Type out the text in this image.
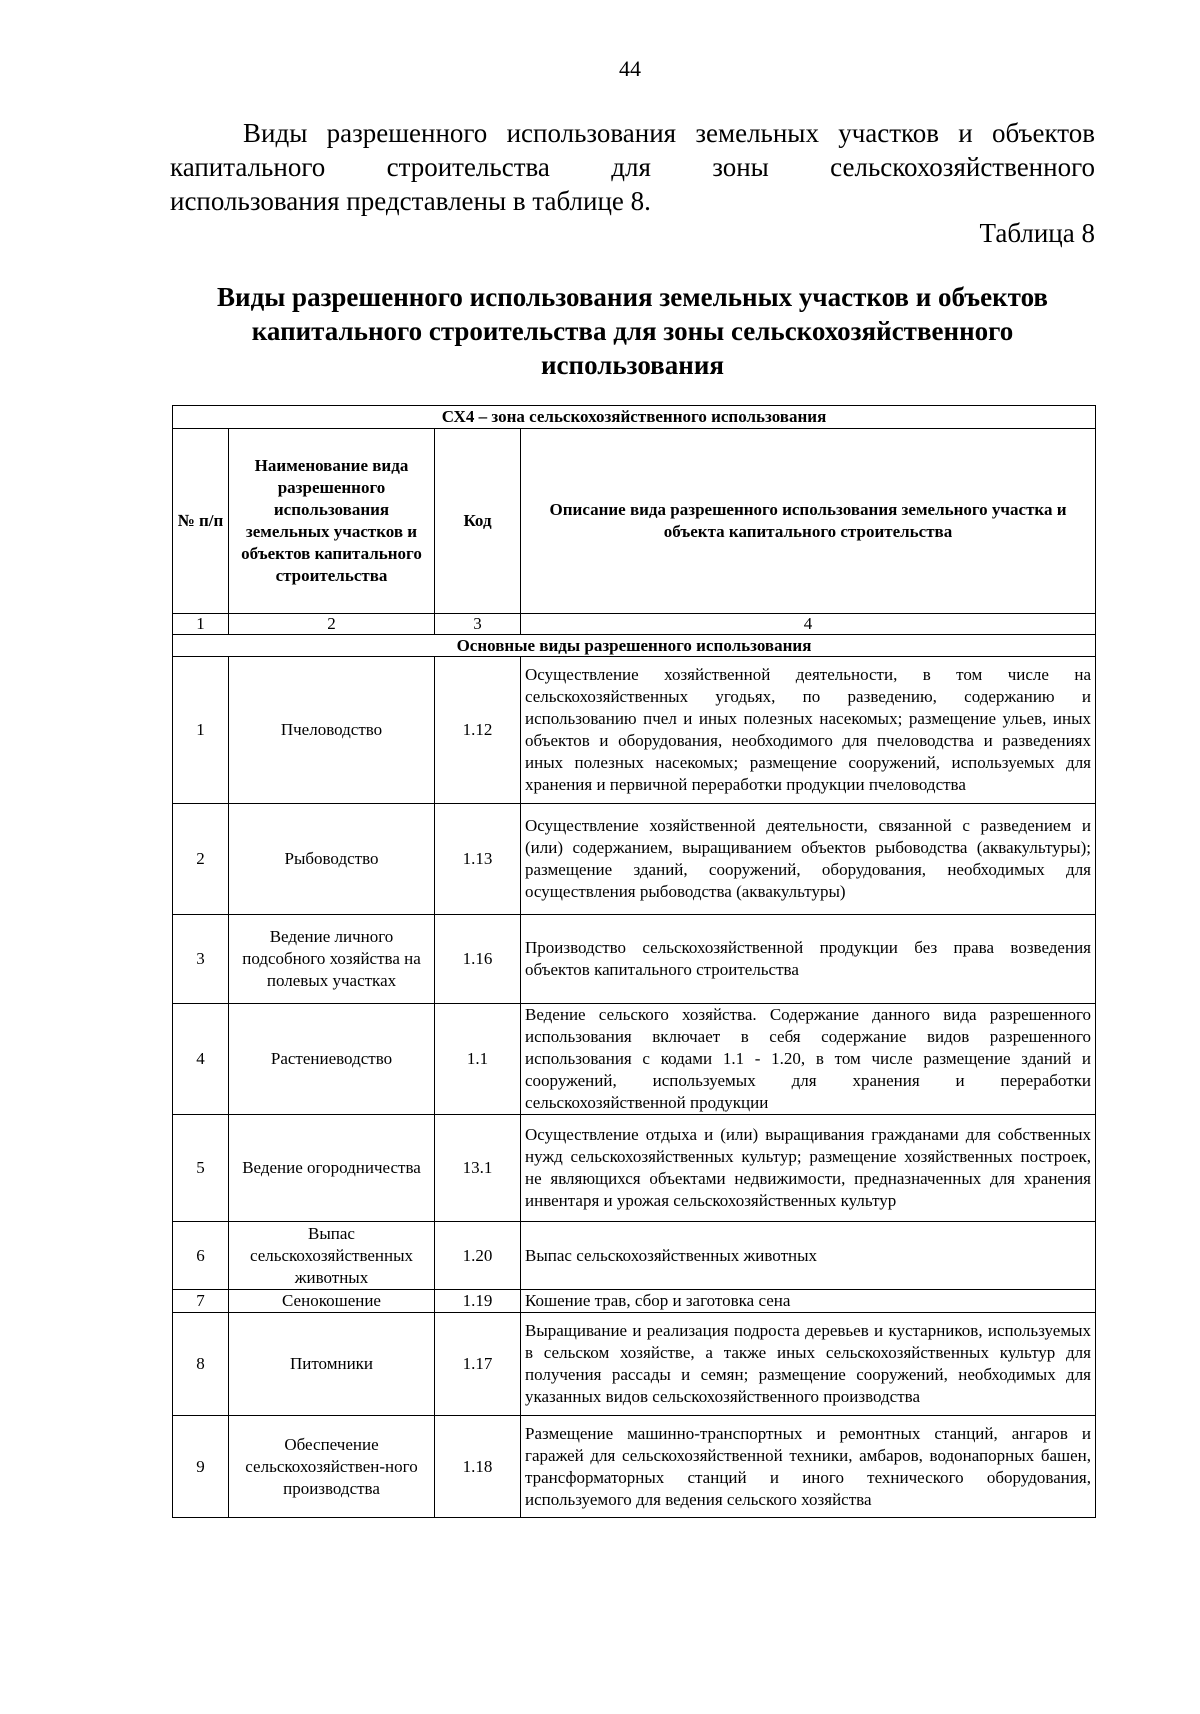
44
Виды разрешенного использования земельных участков и объектов
капитального строительства для зоны сельскохозяйственного
использования представлены в таблице 8.
Таблица 8
Виды разрешенного использования земельных участков и объектов
капитального строительства для зоны сельскохозяйственного
использования
СХ4 – зона сельскохозяйственного использования			
№ п/п	Наименование вида разрешенного использования земельных участков и объектов капитального строительства	Код	Описание вида разрешенного использования земельного участка и объекта капитального строительства
1	2	3	4
Основные виды разрешенного использования			
1	Пчеловодство	1.12	Осуществление хозяйственной деятельности, в том числе на сельскохозяйственных угодьях, по разведению, содержанию и использованию пчел и иных полезных насекомых; размещение ульев, иных объектов и оборудования, необходимого для пчеловодства и разведениях иных полезных насекомых; размещение сооружений, используемых для хранения и первичной переработки продукции пчеловодства
2	Рыбоводство	1.13	Осуществление хозяйственной деятельности, связанной с разведением и (или) содержанием, выращиванием объектов рыбоводства (аквакультуры); размещение зданий, сооружений, оборудования, необходимых для осуществления рыбоводства (аквакультуры)
3	Ведение личного подсобного хозяйства на полевых участках	1.16	Производство сельскохозяйственной продукции без права возведения объектов капитального строительства
4	Растениеводство	1.1	Ведение сельского хозяйства. Содержание данного вида разрешенного использования включает в себя содержание видов разрешенного использования с кодами 1.1 - 1.20, в том числе размещение зданий и сооружений, используемых для хранения и переработки сельскохозяйственной продукции
5	Ведение огородничества	13.1	Осуществление отдыха и (или) выращивания гражданами для собственных нужд сельскохозяйственных культур; размещение хозяйственных построек, не являющихся объектами недвижимости, предназначенных для хранения инвентаря и урожая сельскохозяйственных культур
6	Выпас сельскохозяйственных животных	1.20	Выпас сельскохозяйственных животных
7	Сенокошение	1.19	Кошение трав, сбор и заготовка сена
8	Питомники	1.17	Выращивание и реализация подроста деревьев и кустарников, используемых в сельском хозяйстве, а также иных сельскохозяйственных культур для получения рассады и семян; размещение сооружений, необходимых для указанных видов сельскохозяйственного производства
9	Обеспечение сельскохозяйствен-ного производства	1.18	Размещение машинно-транспортных и ремонтных станций, ангаров и гаражей для сельскохозяйственной техники, амбаров, водонапорных башен, трансформаторных станций и иного технического оборудования, используемого для ведения сельского хозяйства
